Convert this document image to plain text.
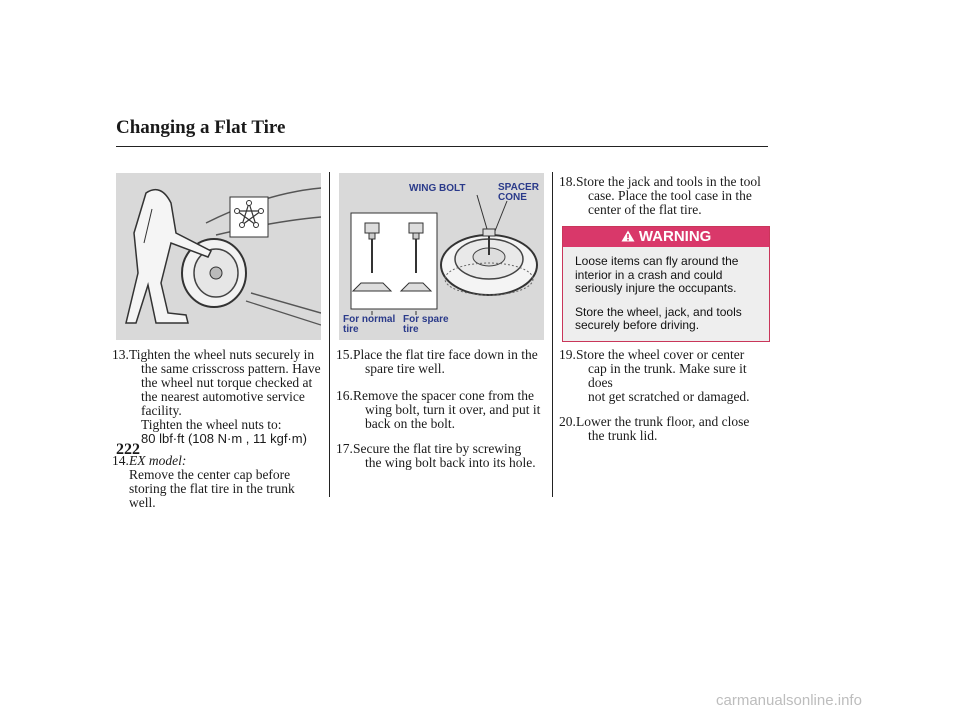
Changing a Flat Tire
WING BOLT	SPACER
CONE
For normal
tire
For spare
tire
13. Tighten the wheel nuts securely in
the same crisscross pattern. Have
the wheel nut torque checked at
the nearest automotive service
facility.
Tighten the wheel nuts to:
80 lbf·ft (108 N·m , 11 kgf·m)
14. EX model:
Remove the center cap before
storing the flat tire in the trunk
well.
15. Place the flat tire face down in the
spare tire well.
16. Remove the spacer cone from the
wing bolt, turn it over, and put it
back on the bolt.
17. Secure the flat tire by screwing
the wing bolt back into its hole.
18. Store the jack and tools in the tool
case. Place the tool case in the
center of the flat tire.
WARNING

Loose items can fly around the
interior in a crash and could
seriously injure the occupants.

Store the wheel, jack, and tools
securely before driving.

19. Store the wheel cover or center
cap in the trunk. Make sure it does
not get scratched or damaged.
20. Lower the trunk floor, and close
the trunk lid.
222
carmanualsonline.info
